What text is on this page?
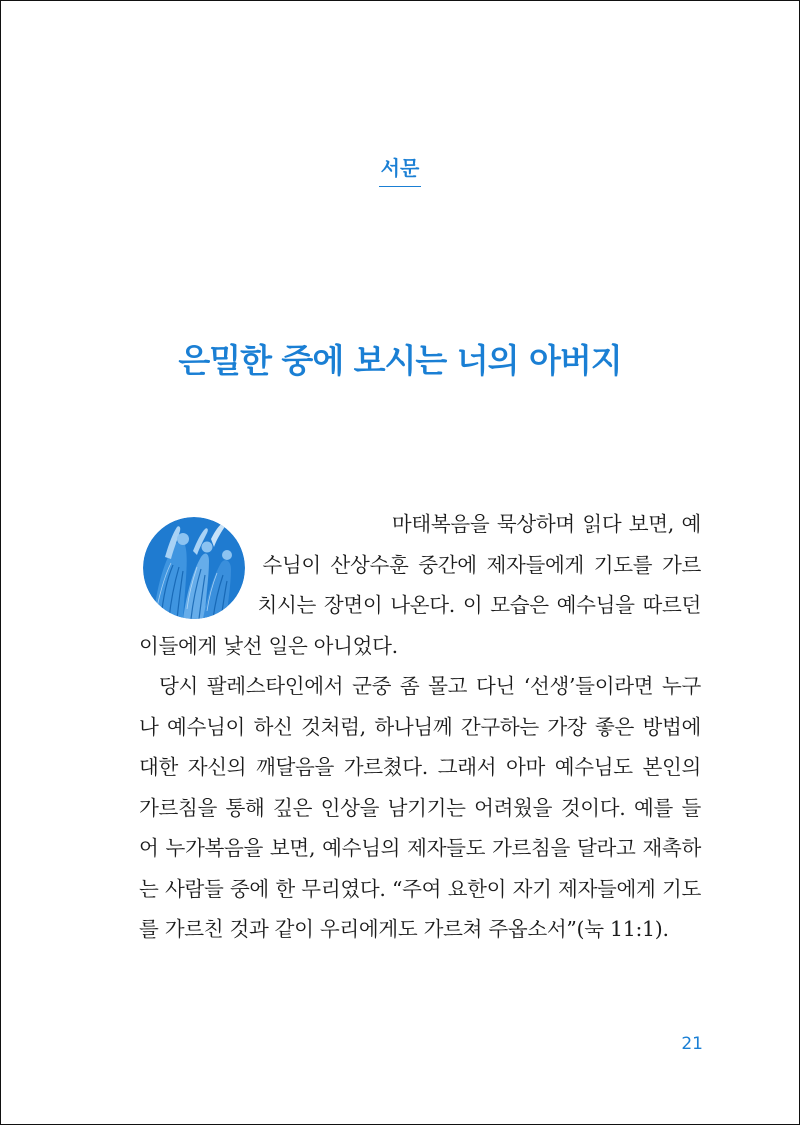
서문
은밀한 중에 보시는 너의 아버지

마태복음을 묵상하며 읽다 보면, 예수님이 산상수훈 중간에 제자들에게 기도를 가르치시는 장면이 나온다. 이 모습은 예수님을 따르던 이들에게 낯선 일은 아니었다.

당시 팔레스타인에서 군중 좀 몰고 다닌 ‘선생’들이라면 누구나 예수님이 하신 것처럼, 하나님께 간구하는 가장 좋은 방법에 대한 자신의 깨달음을 가르쳤다. 그래서 아마 예수님도 본인의 가르침을 통해 깊은 인상을 남기기는 어려웠을 것이다. 예를 들어 누가복음을 보면, 예수님의 제자들도 가르침을 달라고 재촉하는 사람들 중에 한 무리였다. “주여 요한이 자기 제자들에게 기도를 가르친 것과 같이 우리에게도 가르쳐 주옵소서”(눅 11:1).

21
